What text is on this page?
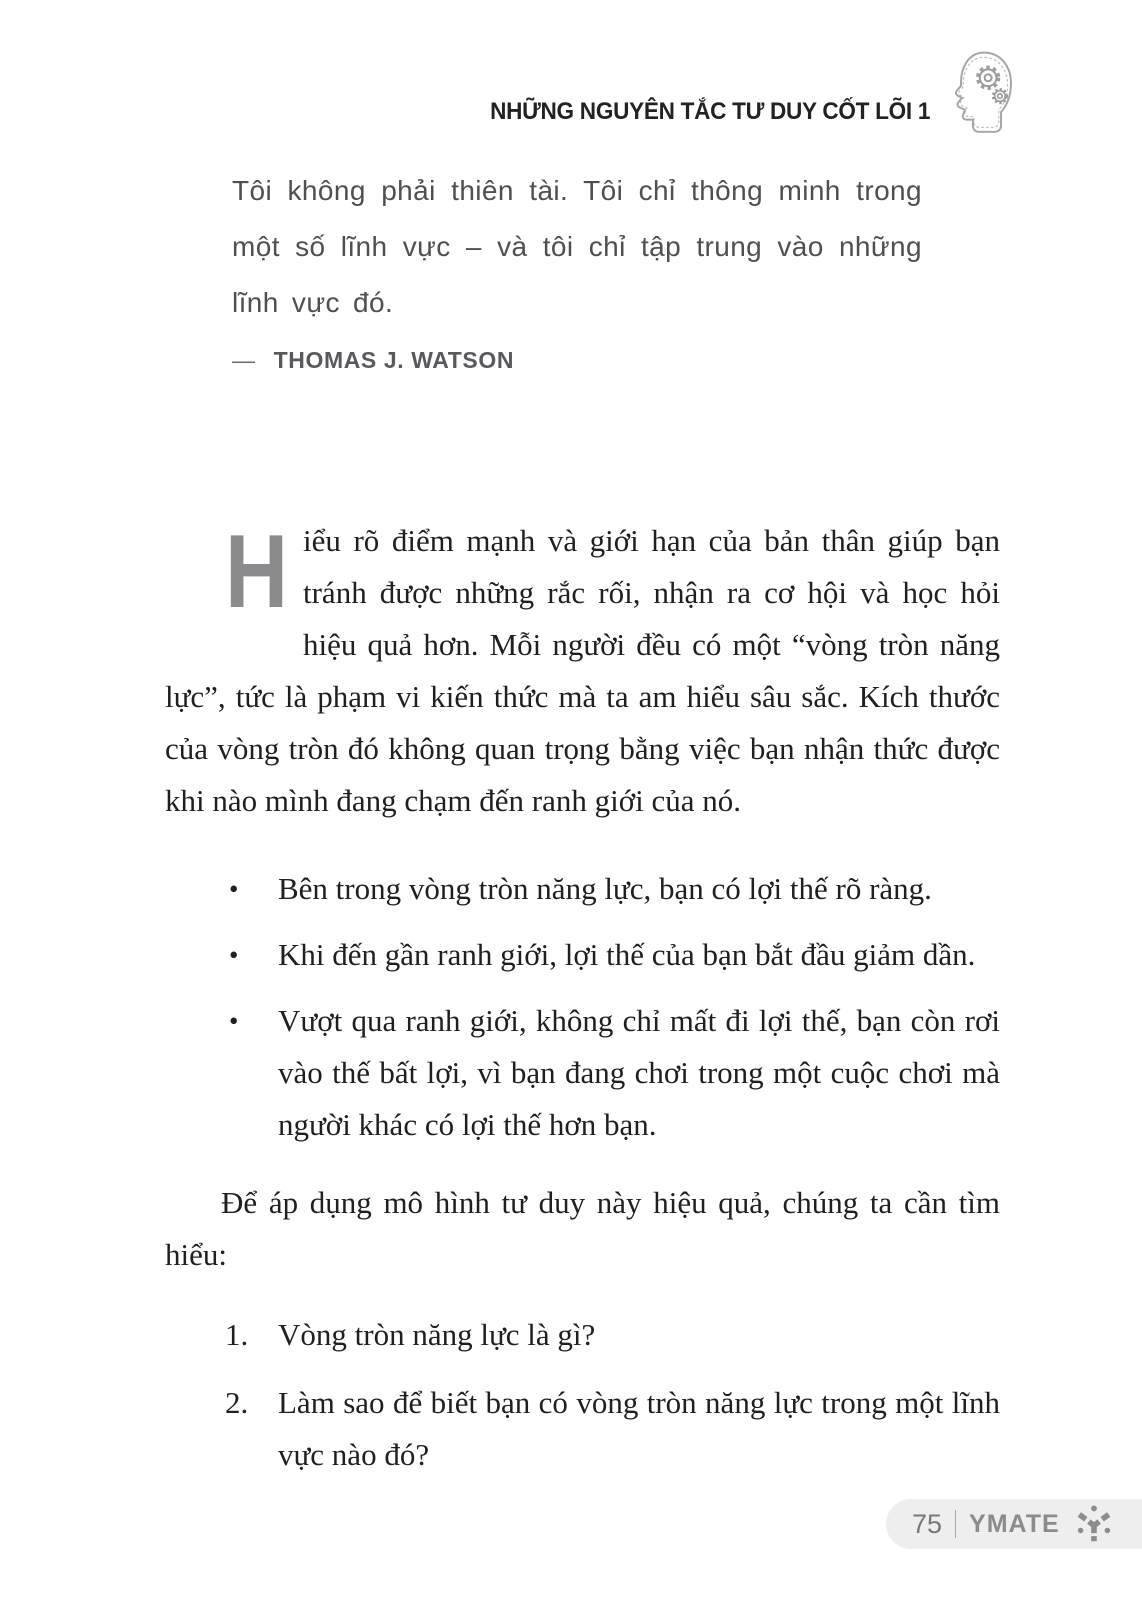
NHỮNG NGUYÊN TẮC TƯ DUY CỐT LÕI 1
Tôi không phải thiên tài. Tôi chỉ thông minh trong một số lĩnh vực – và tôi chỉ tập trung vào những lĩnh vực đó.
— THOMAS J. WATSON

Hiểu rõ điểm mạnh và giới hạn của bản thân giúp bạn tránh được những rắc rối, nhận ra cơ hội và học hỏi hiệu quả hơn. Mỗi người đều có một “vòng tròn năng lực”, tức là phạm vi kiến thức mà ta am hiểu sâu sắc. Kích thước của vòng tròn đó không quan trọng bằng việc bạn nhận thức được khi nào mình đang chạm đến ranh giới của nó.

•	Bên trong vòng tròn năng lực, bạn có lợi thế rõ ràng.
•	Khi đến gần ranh giới, lợi thế của bạn bắt đầu giảm dần.
•	Vượt qua ranh giới, không chỉ mất đi lợi thế, bạn còn rơi vào thế bất lợi, vì bạn đang chơi trong một cuộc chơi mà người khác có lợi thế hơn bạn.

Để áp dụng mô hình tư duy này hiệu quả, chúng ta cần tìm hiểu:

1. Vòng tròn năng lực là gì?
2. Làm sao để biết bạn có vòng tròn năng lực trong một lĩnh vực nào đó?
75 YMATE
